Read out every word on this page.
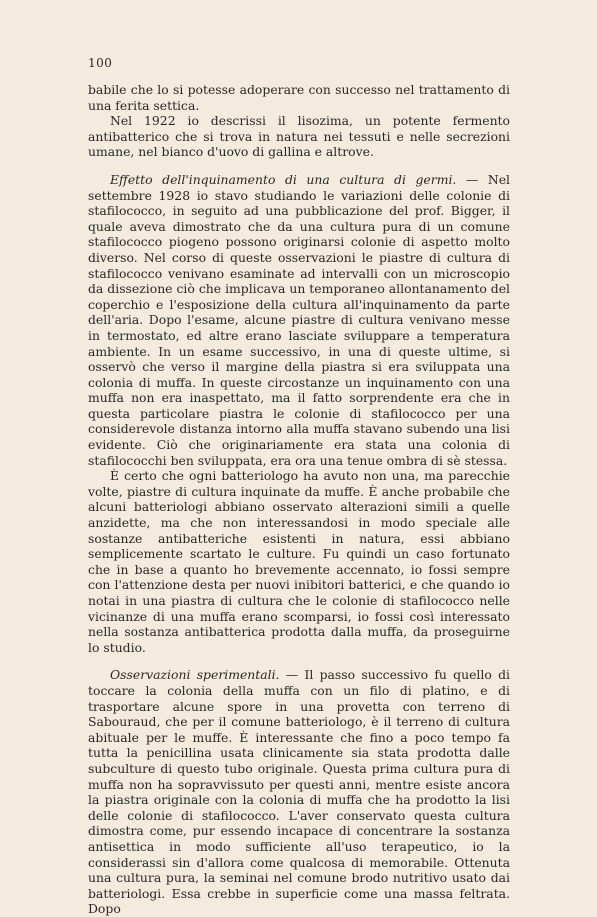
100

babile che lo si potesse adoperare con successo nel trattamento di una ferita settica.

Nel 1922 io descrissi il lisozima, un potente fermento antibatterico che si trova in natura nei tessuti e nelle secrezioni umane, nel bianco d'uovo di gallina e altrove.

Effetto dell'inquinamento di una cultura di germi. — Nel settembre 1928 io stavo studiando le variazioni delle colonie di stafilococco, in seguito ad una pubblicazione del prof. Bigger, il quale aveva dimostrato che da una cultura pura di un comune stafilococco piogeno possono originarsi colonie di aspetto molto diverso. Nel corso di queste osservazioni le piastre di cultura di stafilococco venivano esaminate ad intervalli con un microscopio da dissezione ciò che implicava un temporaneo allontanamento del coperchio e l'esposizione della cultura all'inquinamento da parte dell'aria. Dopo l'esame, alcune piastre di cultura venivano messe in termostato, ed altre erano lasciate sviluppare a temperatura ambiente. In un esame successivo, in una di queste ultime, si osservò che verso il margine della piastra si era sviluppata una colonia di muffa. In queste circostanze un inquinamento con una muffa non era inaspettato, ma il fatto sorprendente era che in questa particolare piastra le colonie di stafilococco per una considerevole distanza intorno alla muffa stavano subendo una lisi evidente. Ciò che originariamente era stata una colonia di stafilococchi ben sviluppata, era ora una tenue ombra di sè stessa.

È certo che ogni batteriologo ha avuto non una, ma parecchie volte, piastre di cultura inquinate da muffe. È anche probabile che alcuni batteriologi abbiano osservato alterazioni simili a quelle anzidette, ma che non interessandosi in modo speciale alle sostanze antibatteriche esistenti in natura, essi abbiano semplicemente scartato le culture. Fu quindi un caso fortunato che in base a quanto ho brevemente accennato, io fossi sempre con l'attenzione desta per nuovi inibitori batterici, e che quando io notai in una piastra di cultura che le colonie di stafilococco nelle vicinanze di una muffa erano scomparsi, io fossi così interessato nella sostanza antibatterica prodotta dalla muffa, da proseguirne lo studio.

Osservazioni sperimentali. — Il passo successivo fu quello di toccare la colonia della muffa con un filo di platino, e di trasportare alcune spore in una provetta con terreno di Sabouraud, che per il comune batteriologo, è il terreno di cultura abituale per le muffe. È interessante che fino a poco tempo fa tutta la penicillina usata clinicamente sia stata prodotta dalle subculture di questo tubo originale. Questa prima cultura pura di muffa non ha sopravvissuto per questi anni, mentre esiste ancora la piastra originale con la colonia di muffa che ha prodotto la lisi delle colonie di stafilococco. L'aver conservato questa cultura dimostra come, pur essendo incapace di concentrare la sostanza antisettica in modo sufficiente all'uso terapeutico, io la considerassi sin d'allora come qualcosa di memorabile. Ottenuta una cultura pura, la seminai nel comune brodo nutritivo usato dai batteriologi. Essa crebbe in superficie come una massa feltrata. Dopo
